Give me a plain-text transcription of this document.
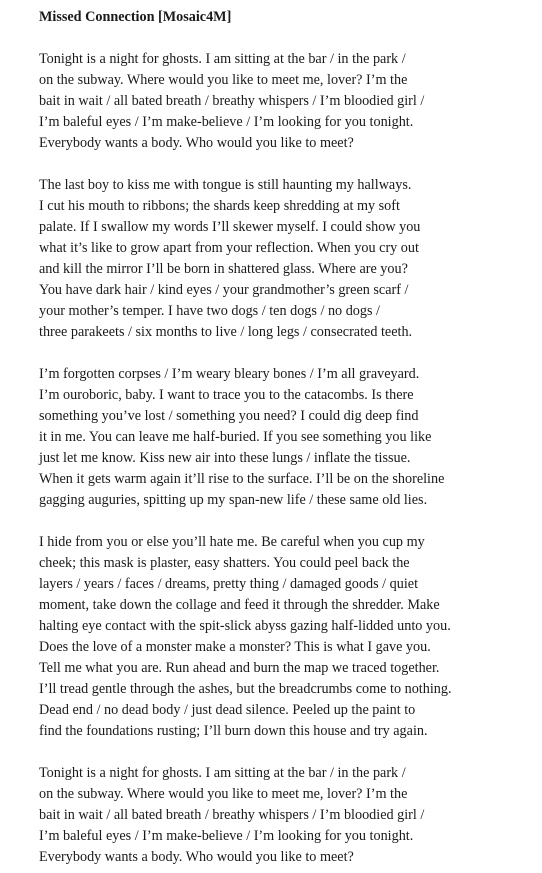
Missed Connection [Mosaic4M]
Tonight is a night for ghosts. I am sitting at the bar / in the park /
on the subway. Where would you like to meet me, lover? I’m the
bait in wait / all bated breath / breathy whispers / I’m bloodied girl /
I’m baleful eyes / I’m make-believe / I’m looking for you tonight.
Everybody wants a body. Who would you like to meet?
The last boy to kiss me with tongue is still haunting my hallways.
I cut his mouth to ribbons; the shards keep shredding at my soft
palate. If I swallow my words I’ll skewer myself. I could show you
what it’s like to grow apart from your reflection. When you cry out
and kill the mirror I’ll be born in shattered glass. Where are you?
You have dark hair / kind eyes / your grandmother’s green scarf /
your mother’s temper. I have two dogs / ten dogs / no dogs /
three parakeets / six months to live / long legs / consecrated teeth.
I’m forgotten corpses / I’m weary bleary bones / I’m all graveyard.
I’m ouroboric, baby. I want to trace you to the catacombs. Is there
something you’ve lost / something you need? I could dig deep find
it in me. You can leave me half-buried. If you see something you like
just let me know. Kiss new air into these lungs / inflate the tissue.
When it gets warm again it’ll rise to the surface. I’ll be on the shoreline
gagging auguries, spitting up my span-new life / these same old lies.
I hide from you or else you’ll hate me. Be careful when you cup my
cheek; this mask is plaster, easy shatters. You could peel back the
layers / years / faces / dreams, pretty thing / damaged goods / quiet
moment, take down the collage and feed it through the shredder. Make
halting eye contact with the spit-slick abyss gazing half-lidded unto you.
Does the love of a monster make a monster? This is what I gave you.
Tell me what you are. Run ahead and burn the map we traced together.
I’ll tread gentle through the ashes, but the breadcrumbs come to nothing.
Dead end / no dead body / just dead silence. Peeled up the paint to
find the foundations rusting; I’ll burn down this house and try again.
Tonight is a night for ghosts. I am sitting at the bar / in the park /
on the subway. Where would you like to meet me, lover? I’m the
bait in wait / all bated breath / breathy whispers / I’m bloodied girl /
I’m baleful eyes / I’m make-believe / I’m looking for you tonight.
Everybody wants a body. Who would you like to meet?
